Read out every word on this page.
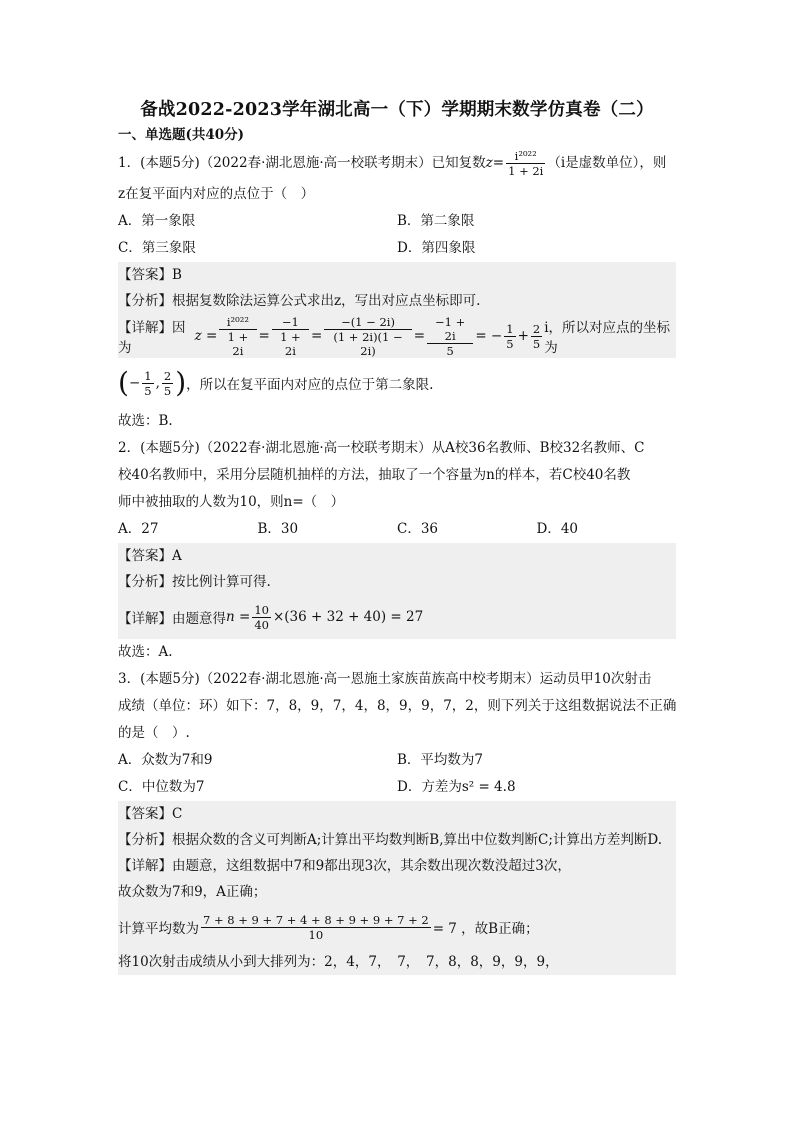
备战2022-2023学年湖北高一（下）学期期末数学仿真卷（二）
一、单选题(共40分)
1．(本题5分)（2022春·湖北恩施·高一校联考期末）已知复数$z= \frac{\text{i²⁰²²}}{1 + 2i} (i$是虚数单位），则
z在复平面内对应的点位于（　）
A．第一象限	B．第二象限
C．第三象限	D．第四象限
【答案】B
【分析】根据复数除法运算公式求出z，写出对应点坐标即可.
【详解】因为
$z = \frac{\text{i²⁰²²}}{1 + 2i} = \frac{-1}{1 + 2i} = \frac{-(1 - 2i)}{(1 + 2i)(1 - 2i)} = \frac{-1 + 2i}{5}$ = − $\frac{1}{5} + \frac{2}{5}$ i，所以对应点的坐标为
( − $\frac{1}{5}$ , $\frac{2}{5}$ ) ，所以在复平面内对应的点位于第二象限.
故选：B.
2．(本题5分)（2022春·湖北恩施·高一校联考期末）从A校36名教师、B校32名教师、C
校40名教师中，采用分层随机抽样的方法，抽取了一个容量为n的样本，若C校40名教
师中被抽取的人数为10，则n=（　）
A．27	B．30	C．36	D．40
【答案】A
【分析】按比例计算可得.
【详解】由题意得 $n = \frac{10}{40} \times(36 + 32 + 40) = 27$
故选：A.
3．(本题5分)（2022春·湖北恩施·高一恩施土家族苗族高中校考期末）运动员甲10次射击
成绩（单位：环）如下：7，8，9，7，4，8，9，9，7，2，则下列关于这组数据说法不正确
的是（　）.
A．众数为7和9	B．平均数为7
C．中位数为7	D．方差为s² = 4.8
【答案】C
【分析】根据众数的含义可判断A;计算出平均数判断B,算出中位数判断C;计算出方差判断D.
【详解】由题意，这组数据中7和9都出现3次，其余数出现次数没超过3次，
故众数为7和9，A正确；
计算平均数为 $\frac{7 + 8 + 9 + 7 + 4 + 8 + 9 + 9 + 7 + 2}{10} = 7$ ，故B正确；
将10次射击成绩从小到大排列为：2，4，7，　7，　7，8，8，9，9，9，
